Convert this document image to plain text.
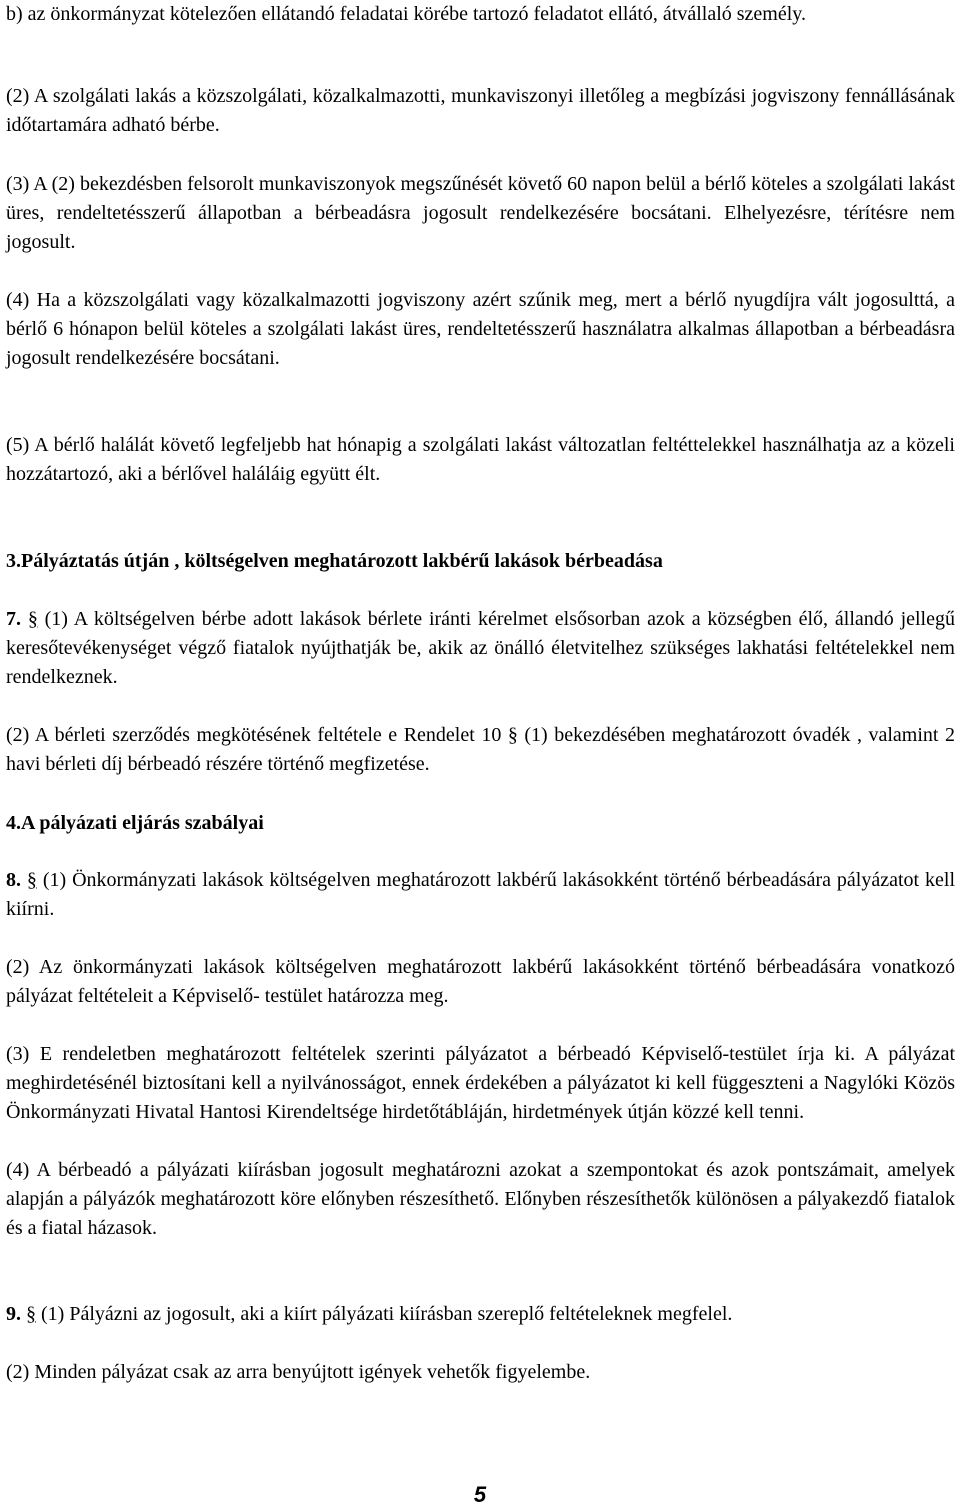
b) az önkormányzat kötelezően ellátandó feladatai körébe tartozó feladatot ellátó, átvállaló személy.

(2) A szolgálati lakás a közszolgálati, közalkalmazotti, munkaviszonyi illetőleg a megbízási jogviszony fennállásának időtartamára adható bérbe.

(3) A (2) bekezdésben felsorolt munkaviszonyok megszűnését követő 60 napon belül a bérlő köteles a szolgálati lakást üres, rendeltetésszerű állapotban a bérbeadásra jogosult rendelkezésére bocsátani. Elhelyezésre, térítésre nem jogosult.

(4) Ha a közszolgálati vagy közalkalmazotti jogviszony azért szűnik meg, mert a bérlő nyugdíjra vált jogosulttá, a bérlő 6 hónapon belül köteles a szolgálati lakást üres, rendeltetésszerű használatra alkalmas állapotban a bérbeadásra jogosult rendelkezésére bocsátani.

(5) A bérlő halálát követő legfeljebb hat hónapig a szolgálati lakást változatlan feltéttelekkel használhatja az a közeli hozzátartozó, aki a bérlővel haláláig együtt élt.

3.Pályáztatás útján , költségelven meghatározott lakbérű lakások bérbeadása

7. § (1) A költségelven bérbe adott lakások bérlete iránti kérelmet elsősorban azok a községben élő, állandó jellegű keresőtevékenységet végző fiatalok nyújthatják be, akik az önálló életvitelhez szükséges lakhatási feltételekkel nem rendelkeznek.

(2) A bérleti szerződés megkötésének feltétele e Rendelet 10 § (1) bekezdésében meghatározott óvadék , valamint 2 havi bérleti díj bérbeadó részére történő megfizetése.

4.A pályázati eljárás szabályai

8. § (1) Önkormányzati lakások költségelven meghatározott lakbérű lakásokként történő bérbeadására pályázatot kell kiírni.

(2) Az önkormányzati lakások költségelven meghatározott lakbérű lakásokként történő bérbeadására vonatkozó pályázat feltételeit a Képviselő- testület határozza meg.

(3) E rendeletben meghatározott feltételek szerinti pályázatot a bérbeadó Képviselő-testület írja ki. A pályázat meghirdetésénél biztosítani kell a nyilvánosságot, ennek érdekében a pályázatot ki kell függeszteni a Nagylóki Közös Önkormányzati Hivatal Hantosi Kirendeltsége hirdetőtábláján, hirdetmények útján közzé kell tenni.

(4) A bérbeadó a pályázati kiírásban jogosult meghatározni azokat a szempontokat és azok pontszámait, amelyek alapján a pályázók meghatározott köre előnyben részesíthető. Előnyben részesíthetők különösen a pályakezdő fiatalok és a fiatal házasok.

9. § (1) Pályázni az jogosult, aki a kiírt pályázati kiírásban szereplő feltételeknek megfelel.

(2) Minden pályázat csak az arra benyújtott igények vehetők figyelembe.

5
